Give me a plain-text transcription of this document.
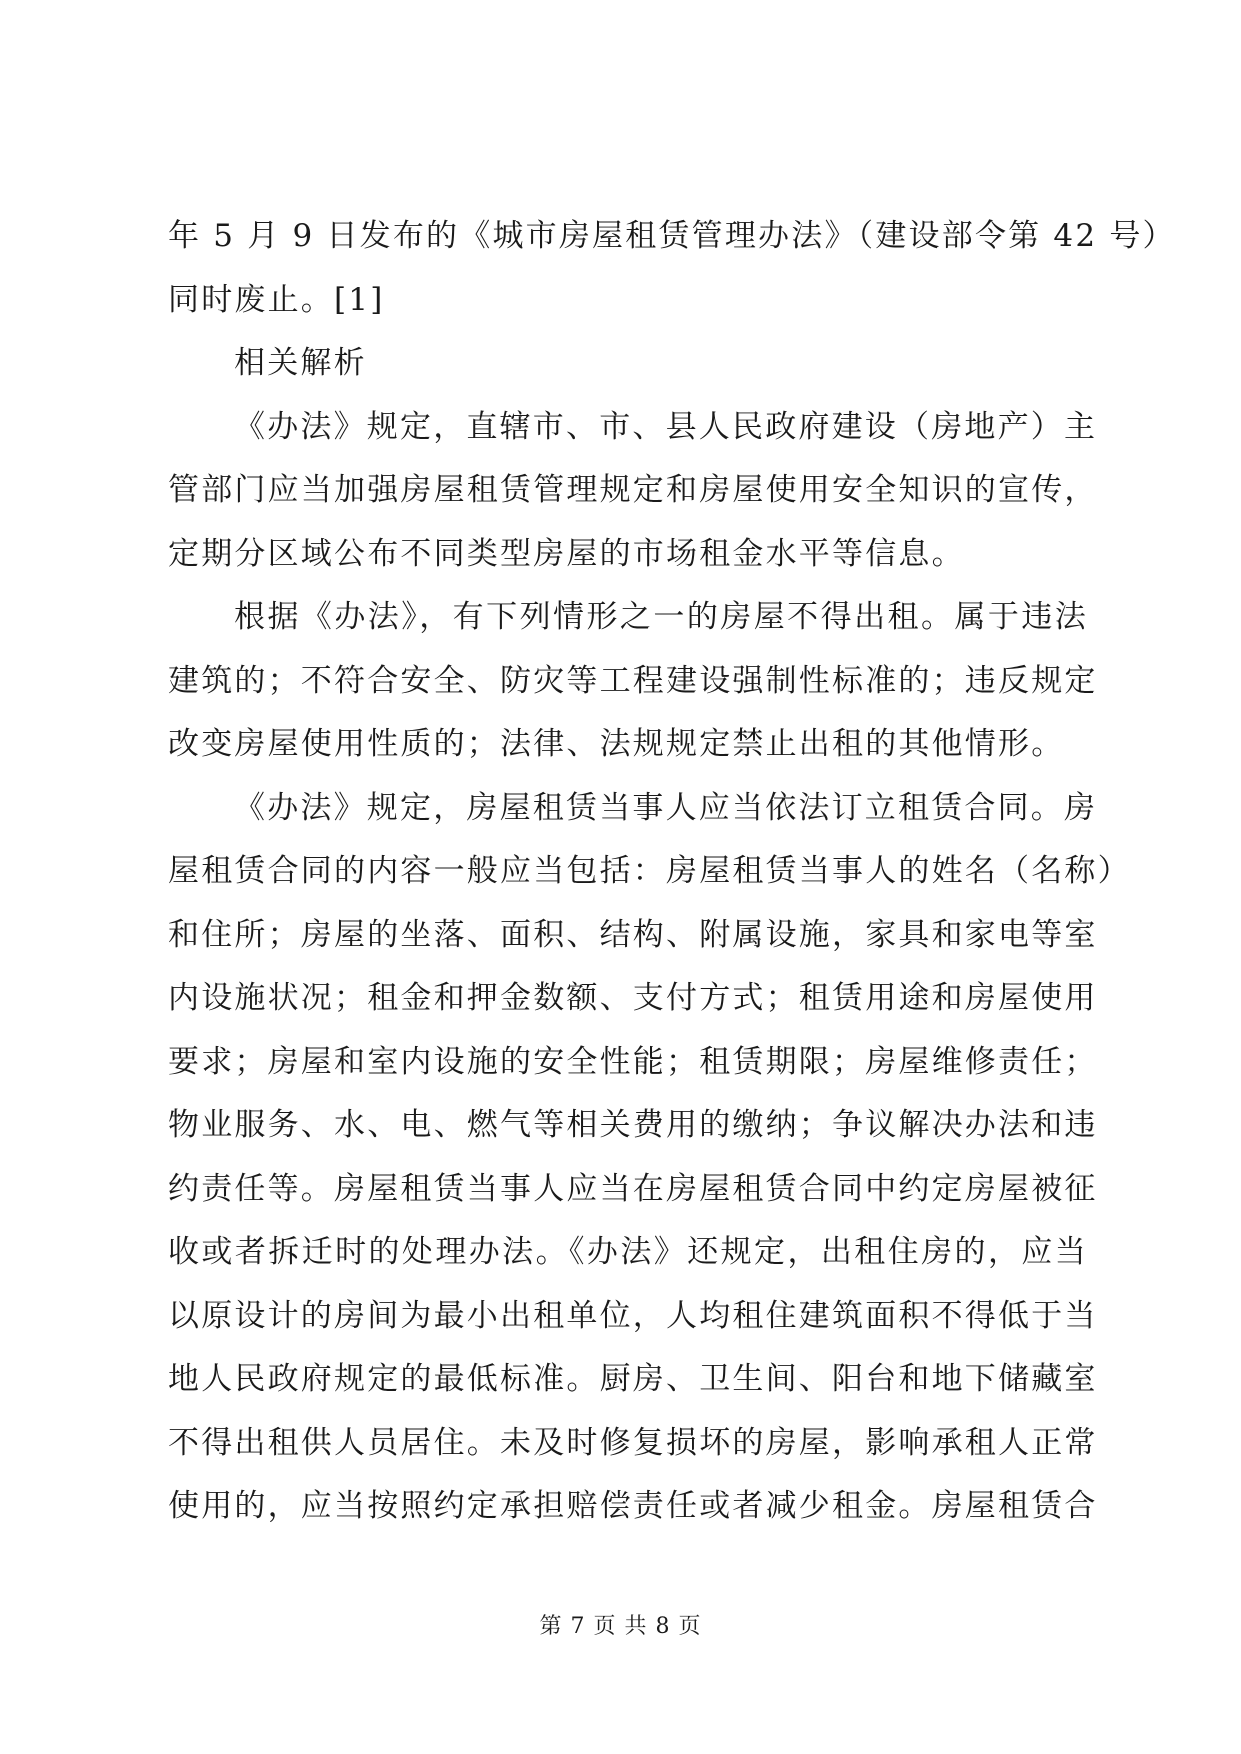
年 5 月 9 日发布的《城市房屋租赁管理办法》（建设部令第 42 号）
同时废止。[1]
相关解析
《办法》规定，直辖市、市、县人民政府建设（房地产）主
管部门应当加强房屋租赁管理规定和房屋使用安全知识的宣传，
定期分区域公布不同类型房屋的市场租金水平等信息。
根据《办法》，有下列情形之一的房屋不得出租。属于违法
建筑的；不符合安全、防灾等工程建设强制性标准的；违反规定
改变房屋使用性质的；法律、法规规定禁止出租的其他情形。
《办法》规定，房屋租赁当事人应当依法订立租赁合同。房
屋租赁合同的内容一般应当包括：房屋租赁当事人的姓名（名称）
和住所；房屋的坐落、面积、结构、附属设施，家具和家电等室
内设施状况；租金和押金数额、支付方式；租赁用途和房屋使用
要求；房屋和室内设施的安全性能；租赁期限；房屋维修责任；
物业服务、水、电、燃气等相关费用的缴纳；争议解决办法和违
约责任等。房屋租赁当事人应当在房屋租赁合同中约定房屋被征
收或者拆迁时的处理办法。《办法》还规定，出租住房的，应当
以原设计的房间为最小出租单位，人均租住建筑面积不得低于当
地人民政府规定的最低标准。厨房、卫生间、阳台和地下储藏室
不得出租供人员居住。未及时修复损坏的房屋，影响承租人正常
使用的，应当按照约定承担赔偿责任或者减少租金。房屋租赁合
第 7 页 共 8 页
